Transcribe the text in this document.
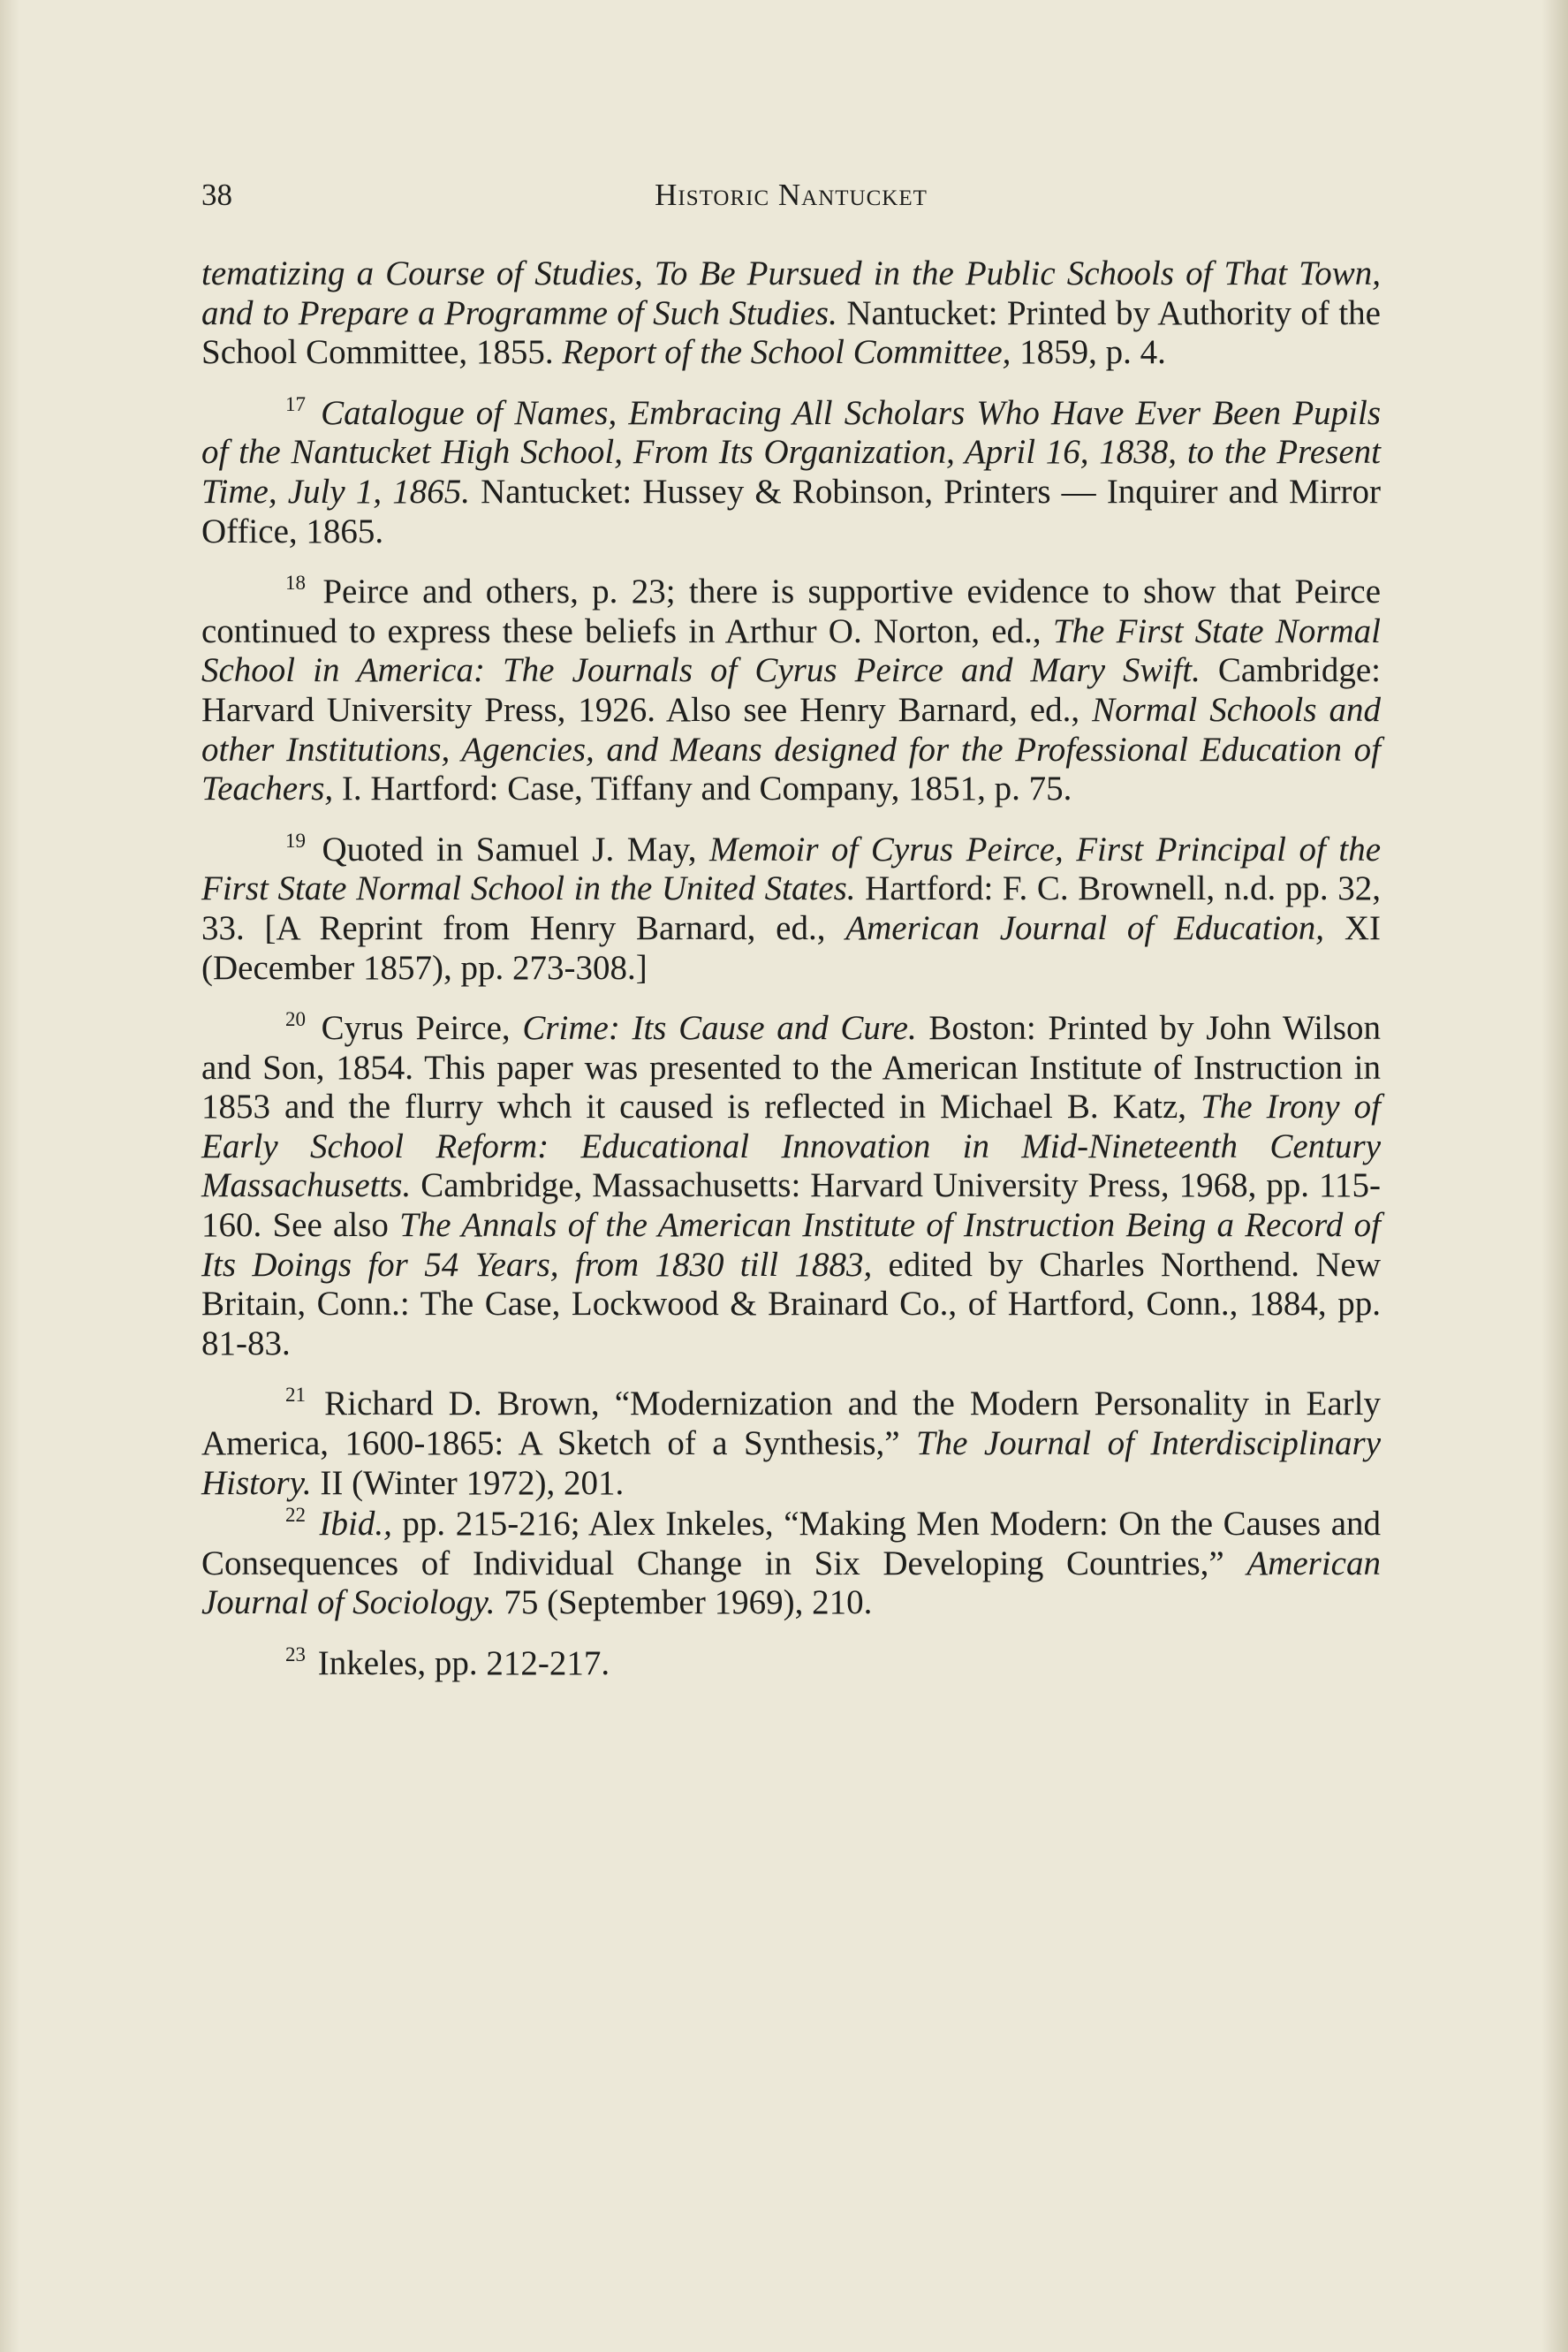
38	Historic Nantucket

tematizing a Course of Studies, To Be Pursued in the Public Schools of That Town, and to Prepare a Programme of Such Studies. Nantucket: Printed by Authority of the School Committee, 1855. Report of the School Committee, 1859, p. 4.

$^{17}$ Catalogue of Names, Embracing All Scholars Who Have Ever Been Pupils of the Nantucket High School, From Its Organization, April 16, 1838, to the Present Time, July 1, 1865. Nantucket: Hussey & Robinson, Printers — Inquirer and Mirror Office, 1865.

$^{18}$ Peirce and others, p. 23; there is supportive evidence to show that Peirce continued to express these beliefs in Arthur O. Norton, ed., The First State Normal School in America: The Journals of Cyrus Peirce and Mary Swift. Cambridge: Harvard University Press, 1926. Also see Henry Barnard, ed., Normal Schools and other Institutions, Agencies, and Means designed for the Professional Education of Teachers, I. Hartford: Case, Tiffany and Company, 1851, p. 75.

$^{19}$ Quoted in Samuel J. May, Memoir of Cyrus Peirce, First Principal of the First State Normal School in the United States. Hartford: F. C. Brownell, n.d. pp. 32, 33. [A Reprint from Henry Barnard, ed., American Journal of Education, XI (December 1857), pp. 273-308.]

$^{20}$ Cyrus Peirce, Crime: Its Cause and Cure. Boston: Printed by John Wilson and Son, 1854. This paper was presented to the American Institute of Instruction in 1853 and the flurry whch it caused is reflected in Michael B. Katz, The Irony of Early School Reform: Educational Innovation in Mid-Nineteenth Century Massachusetts. Cambridge, Massachusetts: Harvard University Press, 1968, pp. 115-160. See also The Annals of the American Institute of Instruction Being a Record of Its Doings for 54 Years, from 1830 till 1883, edited by Charles Northend. New Britain, Conn.: The Case, Lockwood & Brainard Co., of Hartford, Conn., 1884, pp. 81-83.

$^{21}$ Richard D. Brown, “Modernization and the Modern Personality in Early America, 1600-1865: A Sketch of a Synthesis,” The Journal of Interdisciplinary History. II (Winter 1972), 201.

$^{22}$ Ibid., pp. 215-216; Alex Inkeles, “Making Men Modern: On the Causes and Consequences of Individual Change in Six Developing Countries,” American Journal of Sociology. 75 (September 1969), 210.

$^{23}$ Inkeles, pp. 212-217.
